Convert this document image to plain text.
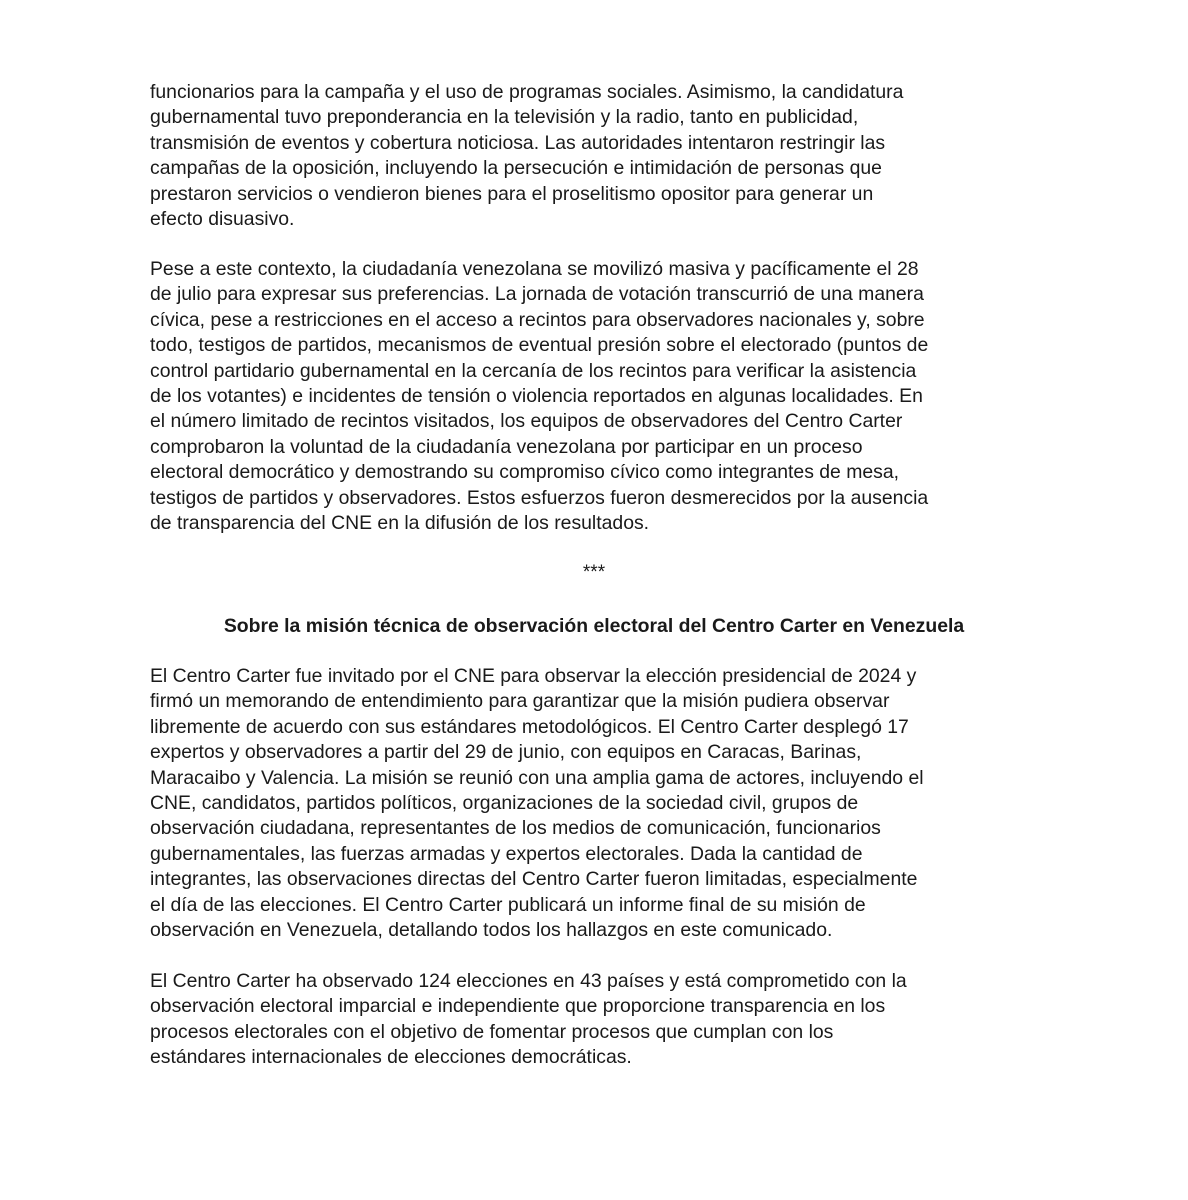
funcionarios para la campaña y el uso de programas sociales. Asimismo, la candidatura
gubernamental tuvo preponderancia en la televisión y la radio, tanto en publicidad,
transmisión de eventos y cobertura noticiosa. Las autoridades intentaron restringir las
campañas de la oposición, incluyendo la persecución e intimidación de personas que
prestaron servicios o vendieron bienes para el proselitismo opositor para generar un
efecto disuasivo.
Pese a este contexto, la ciudadanía venezolana se movilizó masiva y pacíficamente el 28
de julio para expresar sus preferencias. La jornada de votación transcurrió de una manera
cívica, pese a restricciones en el acceso a recintos para observadores nacionales y, sobre
todo, testigos de partidos, mecanismos de eventual presión sobre el electorado (puntos de
control partidario gubernamental en la cercanía de los recintos para verificar la asistencia
de los votantes) e incidentes de tensión o violencia reportados en algunas localidades. En
el número limitado de recintos visitados, los equipos de observadores del Centro Carter
comprobaron la voluntad de la ciudadanía venezolana por participar en un proceso
electoral democrático y demostrando su compromiso cívico como integrantes de mesa,
testigos de partidos y observadores. Estos esfuerzos fueron desmerecidos por la ausencia
de transparencia del CNE en la difusión de los resultados.
***
Sobre la misión técnica de observación electoral del Centro Carter en Venezuela
El Centro Carter fue invitado por el CNE para observar la elección presidencial de 2024 y
firmó un memorando de entendimiento para garantizar que la misión pudiera observar
libremente de acuerdo con sus estándares metodológicos. El Centro Carter desplegó 17
expertos y observadores a partir del 29 de junio, con equipos en Caracas, Barinas,
Maracaibo y Valencia. La misión se reunió con una amplia gama de actores, incluyendo el
CNE, candidatos, partidos políticos, organizaciones de la sociedad civil, grupos de
observación ciudadana, representantes de los medios de comunicación, funcionarios
gubernamentales, las fuerzas armadas y expertos electorales. Dada la cantidad de
integrantes, las observaciones directas del Centro Carter fueron limitadas, especialmente
el día de las elecciones. El Centro Carter publicará un informe final de su misión de
observación en Venezuela, detallando todos los hallazgos en este comunicado.
El Centro Carter ha observado 124 elecciones en 43 países y está comprometido con la
observación electoral imparcial e independiente que proporcione transparencia en los
procesos electorales con el objetivo de fomentar procesos que cumplan con los
estándares internacionales de elecciones democráticas.
